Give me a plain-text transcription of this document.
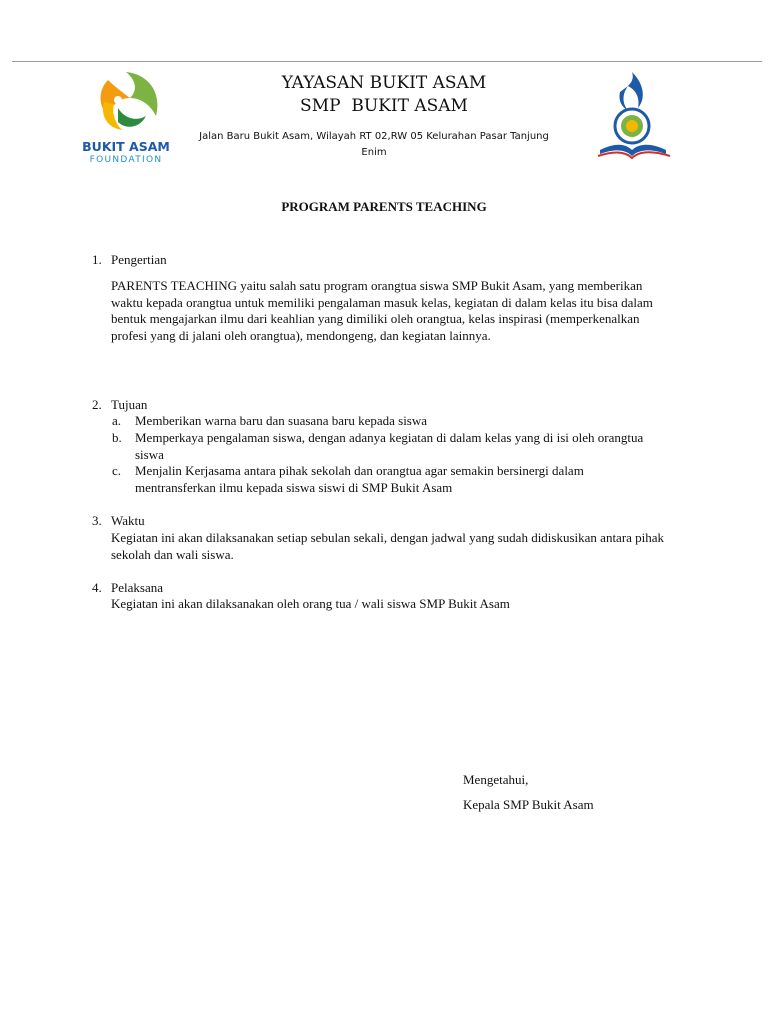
BUKIT ASAM
FOUNDATION
YAYASAN BUKIT ASAM
SMP  BUKIT ASAM
Jalan Baru Bukit Asam, Wilayah RT 02,RW 05 Kelurahan Pasar Tanjung Enim
PROGRAM PARENTS TEACHING
1. Pengertian
PARENTS TEACHING yaitu salah satu program orangtua siswa SMP Bukit Asam, yang memberikan waktu kepada orangtua untuk memiliki pengalaman masuk kelas, kegiatan di dalam kelas itu bisa dalam bentuk mengajarkan ilmu dari keahlian yang dimiliki oleh orangtua, kelas inspirasi (memperkenalkan profesi yang di jalani oleh orangtua), mendongeng, dan kegiatan lainnya.
2. Tujuan
a. Memberikan warna baru dan suasana baru kepada siswa
b. Memperkaya pengalaman siswa, dengan adanya kegiatan di dalam kelas yang di isi oleh orangtua siswa
c. Menjalin Kerjasama antara pihak sekolah dan orangtua agar semakin bersinergi dalam mentransferkan ilmu kepada siswa siswi di SMP Bukit Asam
3. Waktu
Kegiatan ini akan dilaksanakan setiap sebulan sekali, dengan jadwal yang sudah didiskusikan antara pihak sekolah dan wali siswa.
4. Pelaksana
Kegiatan ini akan dilaksanakan oleh orang tua / wali siswa SMP Bukit Asam
Mengetahui,
Kepala SMP Bukit Asam
